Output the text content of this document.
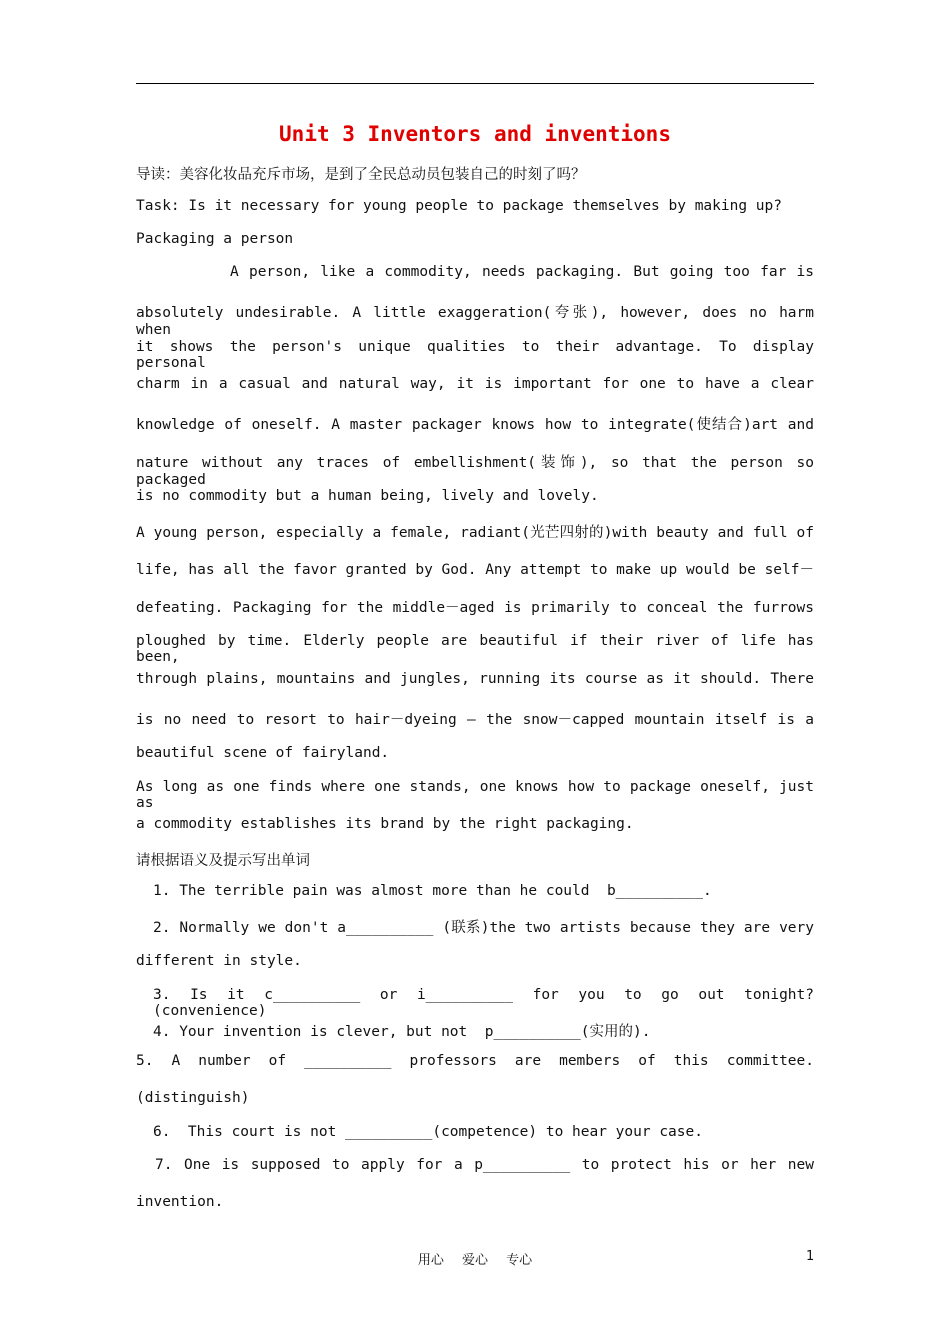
Unit 3 Inventors and inventions
导读：美容化妆品充斥市场，是到了全民总动员包装自己的时刻了吗？
Task: Is it necessary for young people to package themselves by making up?
Packaging a person
A person, like a commodity, needs packaging. But going too far is
absolutely undesirable. A little exaggeration(夸张), however, does no harm when
it shows the person's unique qualities to their advantage. To display personal
charm in a casual and natural way, it is important for one to have a clear
knowledge of oneself. A master packager knows how to integrate(使结合)art and
nature without any traces of embellishment(装饰), so that the person so packaged
is no commodity but a human being, lively and lovely.
A young person, especially a female, radiant(光芒四射的)with beauty and full of
life, has all the favor granted by God. Any attempt to make up would be self－
defeating. Packaging for the middle－aged is primarily to conceal the furrows
ploughed by time. Elderly people are beautiful if their river of life has been,
through plains, mountains and jungles, running its course as it should. There
is no need to resort to hair－dyeing — the snow－capped mountain itself is a
beautiful scene of fairyland.
As long as one finds where one stands, one knows how to package oneself, just as
a commodity establishes its brand by the right packaging.
请根据语义及提示写出单词
1. The terrible pain was almost more than he could  b__________.
2. Normally we don't a__________ (联系)the two artists because they are very
different in style.
3. Is it c__________ or i__________ for you to go out tonight? (convenience)
4. Your invention is clever, but not  p__________(实用的).
5. A number of __________ professors are members of this committee.
(distinguish)
6.  This court is not __________(competence) to hear your case.
7. One is supposed to apply for a p__________ to protect his or her new
invention.
用心 爱心 专心	1
